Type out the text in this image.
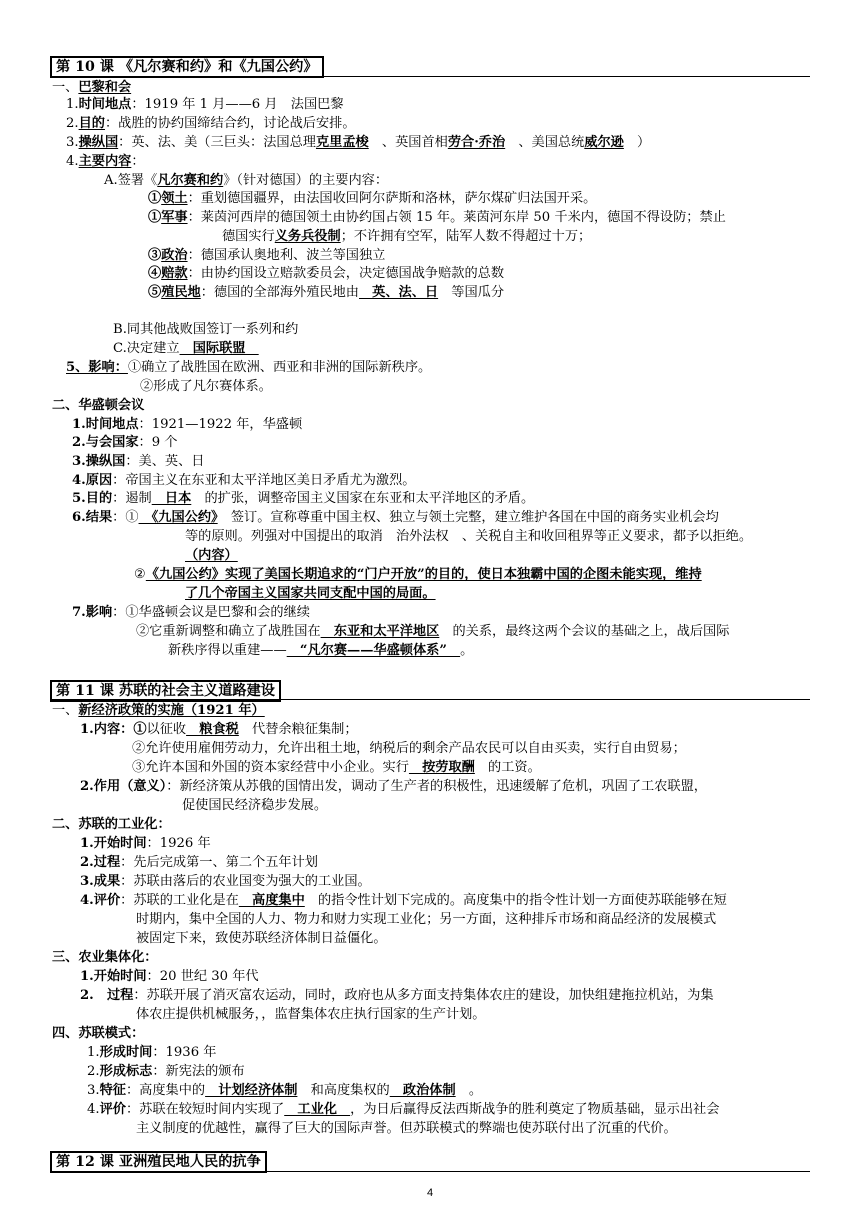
第 10 课 《凡尔赛和约》和《九国公约》
第 11 课 苏联的社会主义道路建设
第 12 课 亚洲殖民地人民的抗争
一、巴黎和会
1.时间地点：1919 年 1 月——6 月　法国巴黎
2.目的：战胜的协约国缔结合约，讨论战后安排。
3.操纵国：英、法、美（三巨头：法国总理克里孟梭　、英国首相劳合·乔治　、美国总统威尔逊　）
4.主要内容：
A.签署《凡尔赛和约》（针对德国）的主要内容：
①领土：重划德国疆界，由法国收回阿尔萨斯和洛林，萨尔煤矿归法国开采。
①军事：莱茵河西岸的德国领土由协约国占领 15 年。莱茵河东岸 50 千米内，德国不得设防；禁止
德国实行义务兵役制；不许拥有空军，陆军人数不得超过十万；
③政治：德国承认奥地利、波兰等国独立
④赔款：由协约国设立赔款委员会，决定德国战争赔款的总数
⑤殖民地：德国的全部海外殖民地由　英、法、日　等国瓜分
B.同其他战败国签订一系列和约
C.决定建立　国际联盟　
5、影响：①确立了战胜国在欧洲、西亚和非洲的国际新秩序。
②形成了凡尔赛体系。
二、华盛顿会议
1.时间地点：1921—1922 年，华盛顿
2.与会国家：9 个
3.操纵国：美、英、日
4.原因：帝国主义在东亚和太平洋地区美日矛盾尤为激烈。
5.目的：遏制　日本　的扩张，调整帝国主义国家在东亚和太平洋地区的矛盾。
6.结果：①　《九国公约》　签订。宣称尊重中国主权、独立与领土完整，建立维护各国在中国的商务实业机会均
等的原则。列强对中国提出的取消　治外法权　、关税自主和收回租界等正义要求，都予以拒绝。
（内容）
②《九国公约》实现了美国长期追求的“门户开放”的目的，使日本独霸中国的企图未能实现，维持
了几个帝国主义国家共同支配中国的局面。
7.影响：①华盛顿会议是巴黎和会的继续
②它重新调整和确立了战胜国在　东亚和太平洋地区　的关系，最终这两个会议的基础之上，战后国际
新秩序得以重建——　“凡尔赛——华盛顿体系”　。
一、新经济政策的实施（1921 年）
1.内容：①以征收　粮食税　代替余粮征集制；
②允许使用雇佣劳动力，允许出租土地，纳税后的剩余产品农民可以自由买卖，实行自由贸易；
③允许本国和外国的资本家经营中小企业。实行　按劳取酬　的工资。
2.作用（意义）：新经济策从苏俄的国情出发，调动了生产者的积极性，迅速缓解了危机，巩固了工农联盟，
促使国民经济稳步发展。
二、苏联的工业化：
1.开始时间：1926 年
2.过程：先后完成第一、第二个五年计划
3.成果：苏联由落后的农业国变为强大的工业国。
4.评价：苏联的工业化是在　高度集中　的指令性计划下完成的。高度集中的指令性计划一方面使苏联能够在短
时期内，集中全国的人力、物力和财力实现工业化；另一方面，这种排斥市场和商品经济的发展模式
被固定下来，致使苏联经济体制日益僵化。
三、农业集体化：
1.开始时间：20 世纪 30 年代
2.　过程：苏联开展了消灭富农运动，同时，政府也从多方面支持集体农庄的建设，加快组建拖拉机站，为集
体农庄提供机械服务，，监督集体农庄执行国家的生产计划。
四、苏联模式：
1.形成时间：1936 年
2.形成标志：新宪法的颁布
3.特征：高度集中的　计划经济体制　和高度集权的　政治体制　。
4.评价：苏联在较短时间内实现了　工业化　，为日后赢得反法西斯战争的胜利奠定了物质基础，显示出社会
主义制度的优越性，赢得了巨大的国际声誉。但苏联模式的弊端也使苏联付出了沉重的代价。
4
